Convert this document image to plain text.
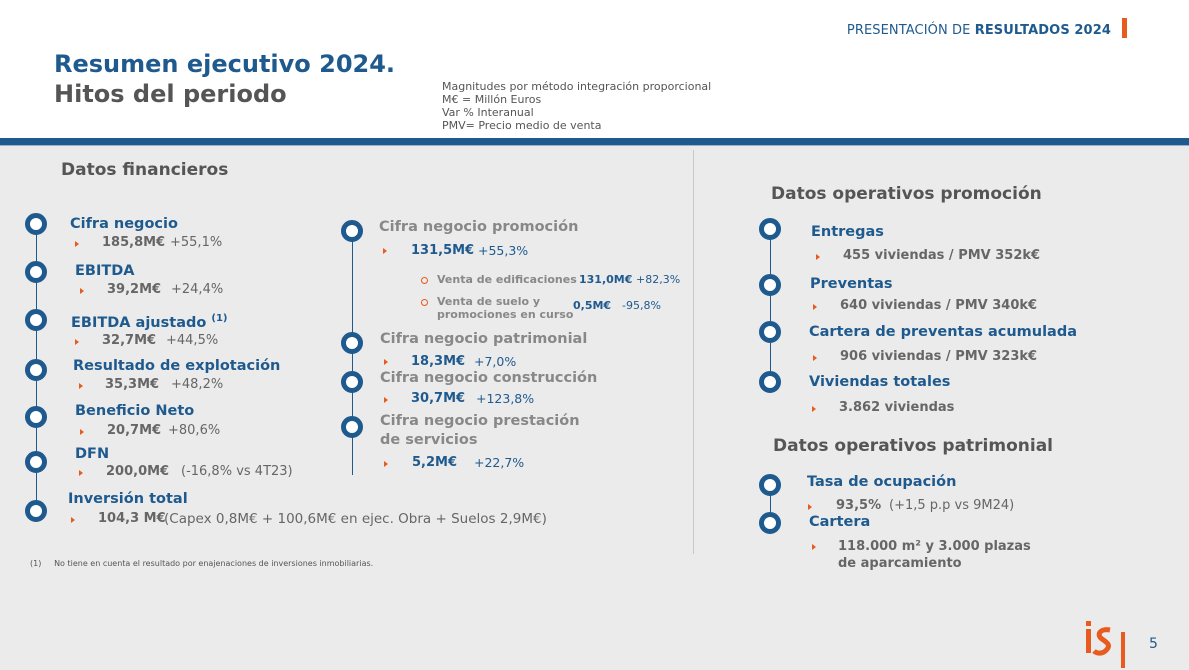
PRESENTACIÓN DE RESULTADOS 2024
Resumen ejecutivo 2024.
Hitos del periodo	Magnitudes por método integración proporcional
M€ = Millón Euros
Var % Interanual
PMV= Precio medio de venta
Datos financieros
Cifra negocio
185,8M€ +55,1%
EBITDA
39,2M€ +24,4%
EBITDA ajustado $^{(1)}$
32,7M€ +44,5%
Resultado de explotación
35,3M€ +48,2%
Beneficio Neto
20,7M€ +80,6%
DFN
200,0M€ (-16,8% vs 4T23)
Inversión total
104,3 M€
(Capex 0,8M€ + 100,6M€ en ejec. Obra + Suelos 2,9M€)
Cifra negocio promoción
131,5M€ +55,3%
Venta de edificaciones 131,0M€ +82,3%
Venta de suelo y
promociones en curso
0,5M€ -95,8%
Cifra negocio patrimonial
18,3M€ +7,0%
Cifra negocio construcción
30,7M€ +123,8%
Cifra negocio prestación
de servicios
5,2M€ +22,7%
Datos operativos promoción
Entregas
455 viviendas / PMV 352k€
Preventas
640 viviendas / PMV 340k€
Cartera de preventas acumulada
906 viviendas / PMV 323k€
Viviendas totales
3.862 viviendas
Datos operativos patrimonial
Tasa de ocupación
93,5% (+1,5 p.p vs 9M24)
Cartera
118.000 m² y 3.000 plazas
de aparcamiento
(1) No tiene en cuenta el resultado por enajenaciones de inversiones inmobiliarias.
5
